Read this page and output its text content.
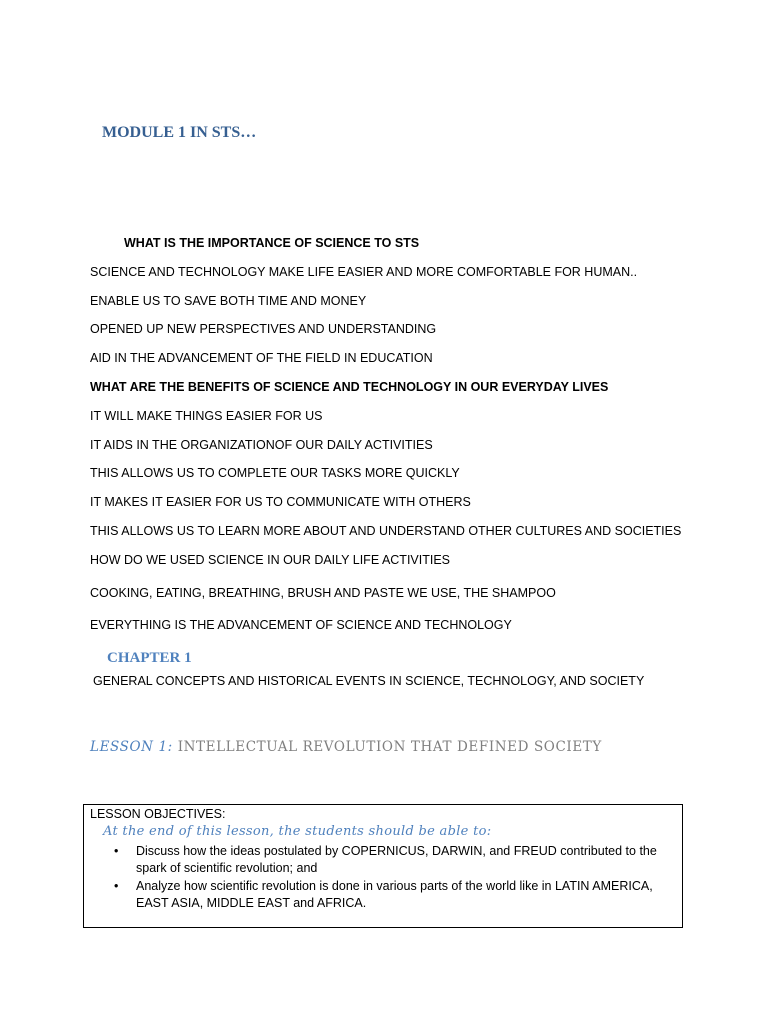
MODULE 1 IN STS…
WHAT IS THE IMPORTANCE OF SCIENCE TO STS
SCIENCE AND TECHNOLOGY MAKE LIFE EASIER AND MORE COMFORTABLE FOR HUMAN..
ENABLE US TO SAVE BOTH TIME AND MONEY
OPENED UP NEW PERSPECTIVES AND UNDERSTANDING
AID IN THE ADVANCEMENT OF THE FIELD IN EDUCATION
WHAT ARE THE BENEFITS OF SCIENCE AND TECHNOLOGY IN OUR EVERYDAY LIVES
IT WILL MAKE THINGS EASIER FOR US
IT AIDS IN THE ORGANIZATIONOF OUR DAILY ACTIVITIES
THIS ALLOWS US TO COMPLETE OUR TASKS MORE QUICKLY
IT MAKES IT EASIER FOR US TO COMMUNICATE WITH OTHERS
THIS ALLOWS US TO LEARN MORE ABOUT AND UNDERSTAND OTHER CULTURES AND SOCIETIES
HOW DO WE USED SCIENCE IN OUR DAILY LIFE ACTIVITIES
COOKING, EATING, BREATHING, BRUSH AND PASTE WE USE, THE SHAMPOO
EVERYTHING IS THE ADVANCEMENT OF SCIENCE AND TECHNOLOGY
CHAPTER 1
GENERAL CONCEPTS AND HISTORICAL EVENTS IN SCIENCE, TECHNOLOGY, AND SOCIETY
LESSON 1: INTELLECTUAL REVOLUTION THAT DEFINED SOCIETY
LESSON OBJECTIVES:
At the end of this lesson, the students should be able to:
• Discuss how the ideas postulated by COPERNICUS, DARWIN, and FREUD contributed to the spark of scientific revolution; and
• Analyze how scientific revolution is done in various parts of the world like in LATIN AMERICA, EAST ASIA, MIDDLE EAST and AFRICA.
